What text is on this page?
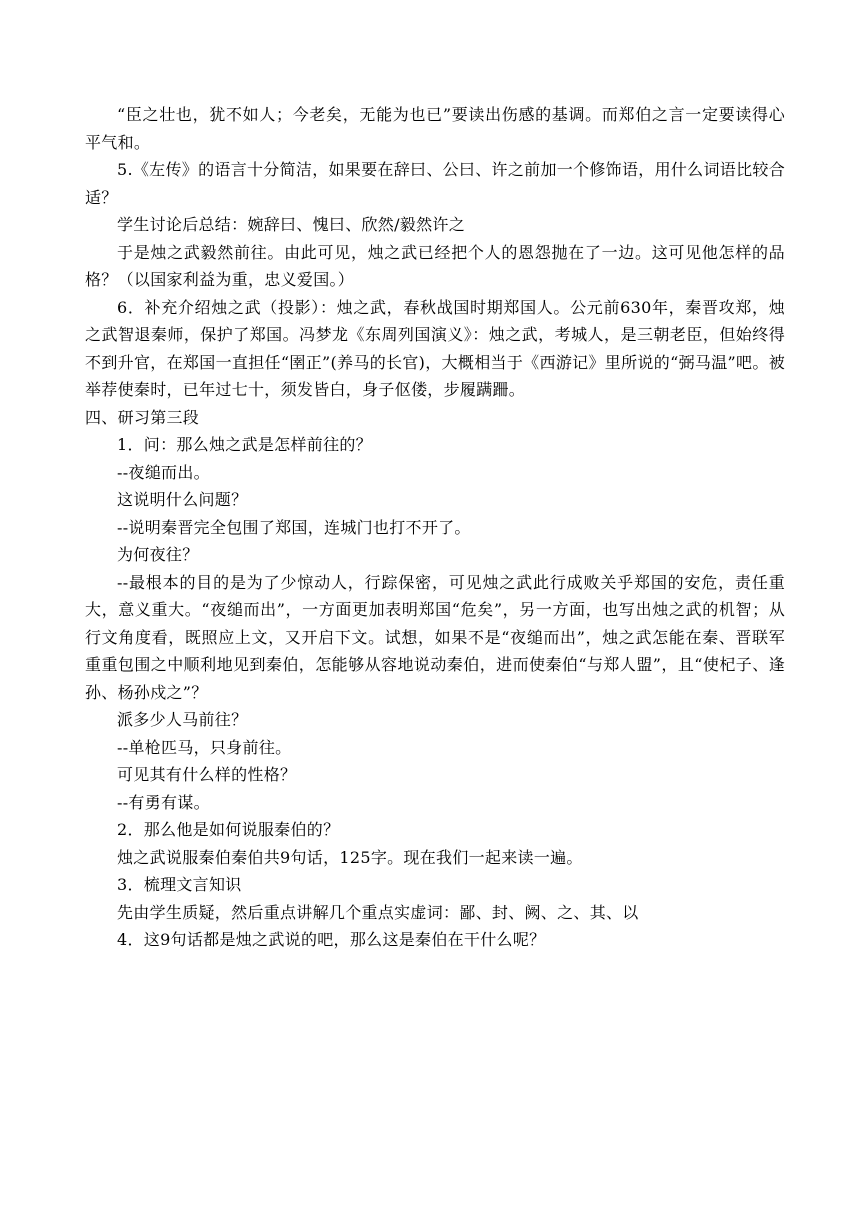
“臣之壮也，犹不如人；今老矣，无能为也已”要读出伤感的基调。而郑伯之言一定要读得心平气和。

5.《左传》的语言十分简洁，如果要在辞曰、公曰、许之前加一个修饰语，用什么词语比较合适？

学生讨论后总结：婉辞曰、愧曰、欣然/毅然许之

于是烛之武毅然前往。由此可见，烛之武已经把个人的恩怨抛在了一边。这可见他怎样的品格？（以国家利益为重，忠义爱国。）

6．补充介绍烛之武（投影）：烛之武，春秋战国时期郑国人。公元前630年，秦晋攻郑，烛之武智退秦师，保护了郑国。冯梦龙《东周列国演义》：烛之武，考城人，是三朝老臣，但始终得不到升官，在郑国一直担任“圉正”(养马的长官)，大概相当于《西游记》里所说的“弼马温”吧。被举荐使秦时，已年过七十，须发皆白，身子伛偻，步履蹒跚。

四、研习第三段

1．问：那么烛之武是怎样前往的？

--夜缒而出。

这说明什么问题？

--说明秦晋完全包围了郑国，连城门也打不开了。

为何夜往？

--最根本的目的是为了少惊动人，行踪保密，可见烛之武此行成败关乎郑国的安危，责任重大，意义重大。“夜缒而出”，一方面更加表明郑国“危矣”，另一方面，也写出烛之武的机智；从行文角度看，既照应上文，又开启下文。试想，如果不是“夜缒而出”，烛之武怎能在秦、晋联军重重包围之中顺利地见到秦伯，怎能够从容地说动秦伯，进而使秦伯“与郑人盟”，且“使杞子、逢孙、杨孙戍之”？

派多少人马前往？

--单枪匹马，只身前往。

可见其有什么样的性格？

--有勇有谋。

2．那么他是如何说服秦伯的？

烛之武说服秦伯秦伯共9句话，125字。现在我们一起来读一遍。

3．梳理文言知识

先由学生质疑，然后重点讲解几个重点实虚词：鄙、封、阙、之、其、以

4．这9句话都是烛之武说的吧，那么这是秦伯在干什么呢？
